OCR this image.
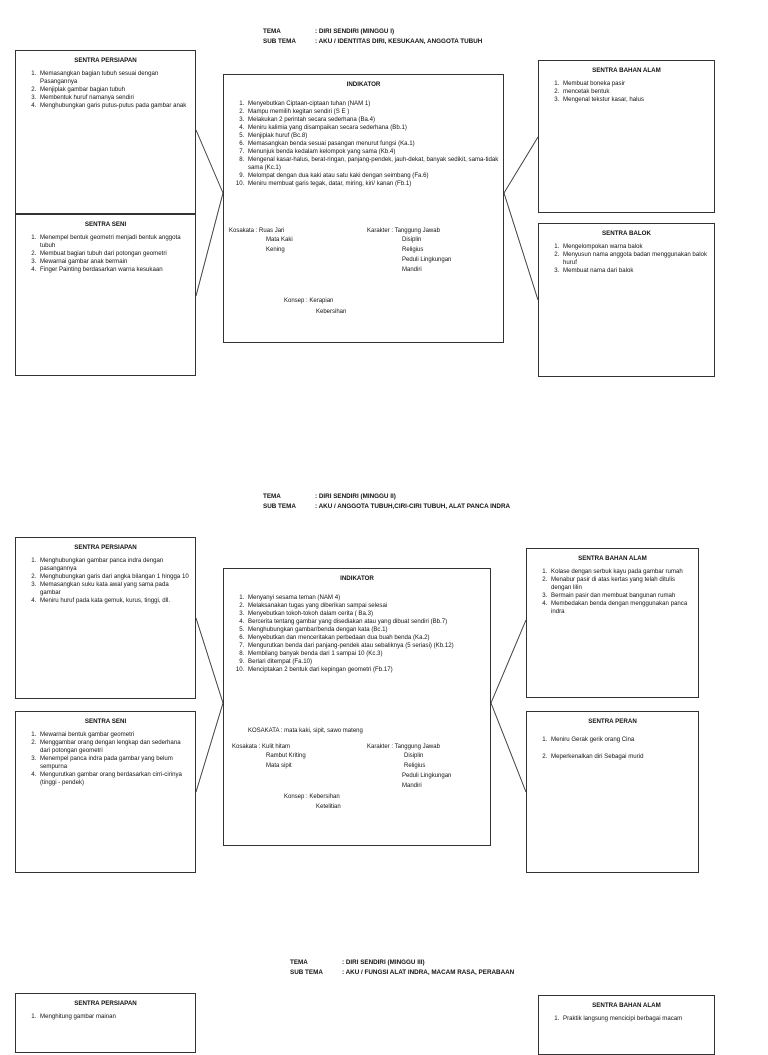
TEMA	: DIRI SENDIRI (MINGGU I)
SUB TEMA	: AKU / IDENTITAS DIRI, KESUKAAN, ANGGOTA TUBUH
SENTRA PERSIAPAN
1. Memasangkan bagian tubuh sesuai dengan Pasangannya
2. Menjiplak gambar bagian tubuh
3. Membentuk huruf namanya sendiri
4. Menghubungkan garis putus-putus pada gambar anak
SENTRA SENI
1. Menempel bentuk geometri menjadi bentuk anggota tubuh
2. Membuat bagian tubuh dari potongan geometri
3. Mewarnai gambar anak bermain
4. Finger Painting berdasarkan warna kesukaan
INDIKATOR
1. Menyebutkan Ciptaan-ciptaan tuhan (NAM 1)
2. Mampu memilih kegitan sendiri (S E )
3. Melakukan 2 perintah secara sederhana (Ba.4)
4. Meniru kalimia yang disampaikan secara sederhana (Bb.1)
5. Menjiplak huruf (Bc.8)
6. Memasangkan benda sesuai pasangan menurut fungsi (Ka.1)
7. Menunjuk benda kedalam kelompok yang sama (Kb.4)
8. Mengenal kasar-halus, berat-ringan, panjang-pendek, jauh-dekat, banyak sedikit, sama-tidak sama (Kc.1)
9. Melompat dengan dua kaki atau satu kaki dengan seimbang (Fa.6)
10. Meniru membuat garis tegak, datar, miring, kiri/ kanan (Fb.1)
Kosakata : Ruas Jari
Mata Kaki
Kening
Karakter : Tanggung Jawab
Disiplin
Religius
Peduli Lingkungan
Mandiri
Konsep : Kerapian
Kebersihan
SENTRA BAHAN ALAM
1. Membuat boneka pasir
2. mencetak bentuk
3. Mengenal tekstur kasar, halus
SENTRA BALOK
1. Mengelompokan warna balok
2. Menyusun nama anggota badan menggunakan balok huruf
3. Membuat nama dari balok
TEMA	: DIRI SENDIRI (MINGGU II)
SUB TEMA	: AKU / ANGGOTA TUBUH,CIRI-CIRI TUBUH, ALAT PANCA INDRA
SENTRA PERSIAPAN
1. Menghubungkan gambar panca indra dengan pasangannya
2. Menghubungkan garis dari angka bilangan 1 hingga 10
3. Memasangkan suku kata awal yang sama pada gambar
4. Meniru huruf pada kata gemuk, kurus, tinggi, dll.
SENTRA SENI
1. Mewarnai bentuk gambar geometri
2. Menggambar orang dengan lengkap dan sederhana dari potongan geometri
3. Menempel panca indra pada gambar yang belum sempurna
4. Mengurutkan gambar orang berdasarkan cirri-cirinya (tinggi - pendek)
INDIKATOR
1. Menyanyi sesama teman (NAM 4)
2. Melaksanakan tugas yang diberikan sampai selesai
3. Menyebutkan tokoh-tokoh dalam cerita ( Ba.3)
4. Bercerita tentang gambar yang disediakan atau yang dibuat sendiri (Bb.7)
5. Menghubungkan gambar/benda dengan kata (Bc.1)
6. Menyebutkan dan menceritakan perbedaan dua buah benda (Ka.2)
7. Mengurutkan benda dari panjang-pendek atau sebaliknya (5 seriasi) (Kb.12)
8. Membilang banyak benda dari 1 sampai 10 (Kc.3)
9. Berlari ditempat (Fa.10)
10. Menciptakan 2 bentuk dari kepingan geometri (Fb.17)
KOSAKATA : mata kaki, sipit, sawo mateng
Kosakata : Kulit hitam
Rambut Kriting
Mata sipit
Karakter : Tanggung Jawab
Disiplin
Religius
Peduli Lingkungan
Mandiri
Konsep : Kebersihan
Ketelitian
SENTRA BAHAN ALAM
1. Kolase dengan serbuk kayu pada gambar rumah
2. Menabur pasir di atas kertas yang telah ditulis dengan lilin
3. Bermain pasir dan membuat bangunan rumah
4. Membedakan benda dengan menggunakan panca indra
SENTRA PERAN
1. Meniru Gerak gerik orang Cina
2. Meperkenalkan diri Sebagai murid
TEMA	: DIRI SENDIRI (MINGGU III)
SUB TEMA	: AKU / FUNGSI ALAT INDRA, MACAM RASA, PERABAAN
SENTRA PERSIAPAN
1. Menghitung gambar mainan
SENTRA BAHAN ALAM
1. Praktik langsung mencicipi berbagai macam
